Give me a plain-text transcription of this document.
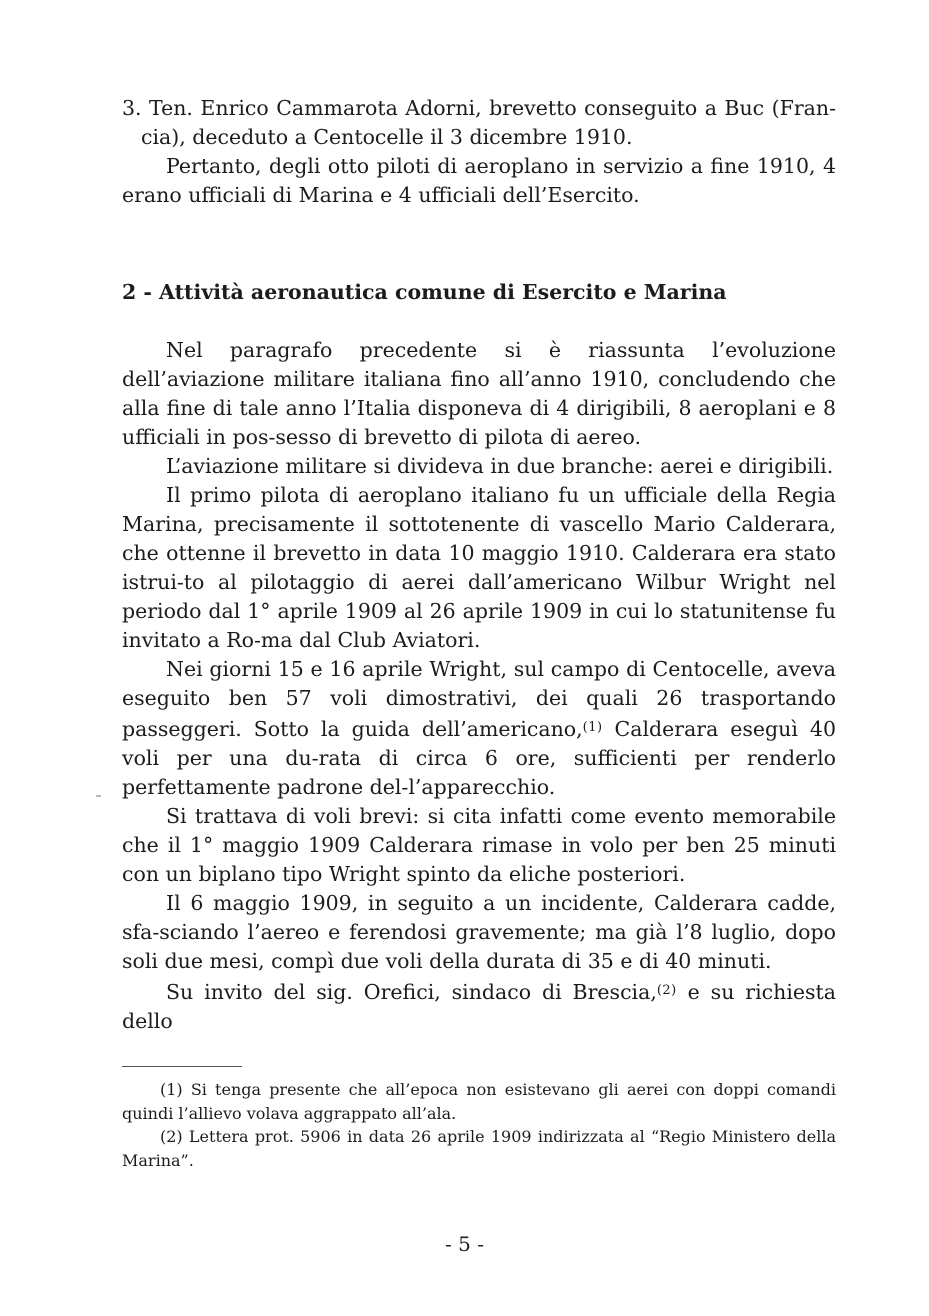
3. Ten. Enrico Cammarota Adorni, brevetto conseguito a Buc (Fran-cia), deceduto a Centocelle il 3 dicembre 1910.

Pertanto, degli otto piloti di aeroplano in servizio a fine 1910, 4 erano ufficiali di Marina e 4 ufficiali dell’Esercito.

2 - Attività aeronautica comune di Esercito e Marina

Nel paragrafo precedente si è riassunta l’evoluzione dell’aviazione militare italiana fino all’anno 1910, concludendo che alla fine di tale anno l’Italia disponeva di 4 dirigibili, 8 aeroplani e 8 ufficiali in pos-sesso di brevetto di pilota di aereo.

L’aviazione militare si divideva in due branche: aerei e dirigibili.

Il primo pilota di aeroplano italiano fu un ufficiale della Regia Marina, precisamente il sottotenente di vascello Mario Calderara, che ottenne il brevetto in data 10 maggio 1910. Calderara era stato istrui-to al pilotaggio di aerei dall’americano Wilbur Wright nel periodo dal 1° aprile 1909 al 26 aprile 1909 in cui lo statunitense fu invitato a Ro-ma dal Club Aviatori.

Nei giorni 15 e 16 aprile Wright, sul campo di Centocelle, aveva eseguito ben 57 voli dimostrativi, dei quali 26 trasportando passeggeri. Sotto la guida dell’americano,$^{(1)}$ Calderara eseguì 40 voli per una du-rata di circa 6 ore, sufficienti per renderlo perfettamente padrone del-l’apparecchio.

Si trattava di voli brevi: si cita infatti come evento memorabile che il 1° maggio 1909 Calderara rimase in volo per ben 25 minuti con un biplano tipo Wright spinto da eliche posteriori.

Il 6 maggio 1909, in seguito a un incidente, Calderara cadde, sfa-sciando l’aereo e ferendosi gravemente; ma già l’8 luglio, dopo soli due mesi, compì due voli della durata di 35 e di 40 minuti.

Su invito del sig. Orefici, sindaco di Brescia,$^{(2)}$ e su richiesta dello

(1) Si tenga presente che all’epoca non esistevano gli aerei con doppi comandi quindi l’allievo volava aggrappato all’ala.

(2) Lettera prot. 5906 in data 26 aprile 1909 indirizzata al “Regio Ministero della Marina”.

- 5 -
